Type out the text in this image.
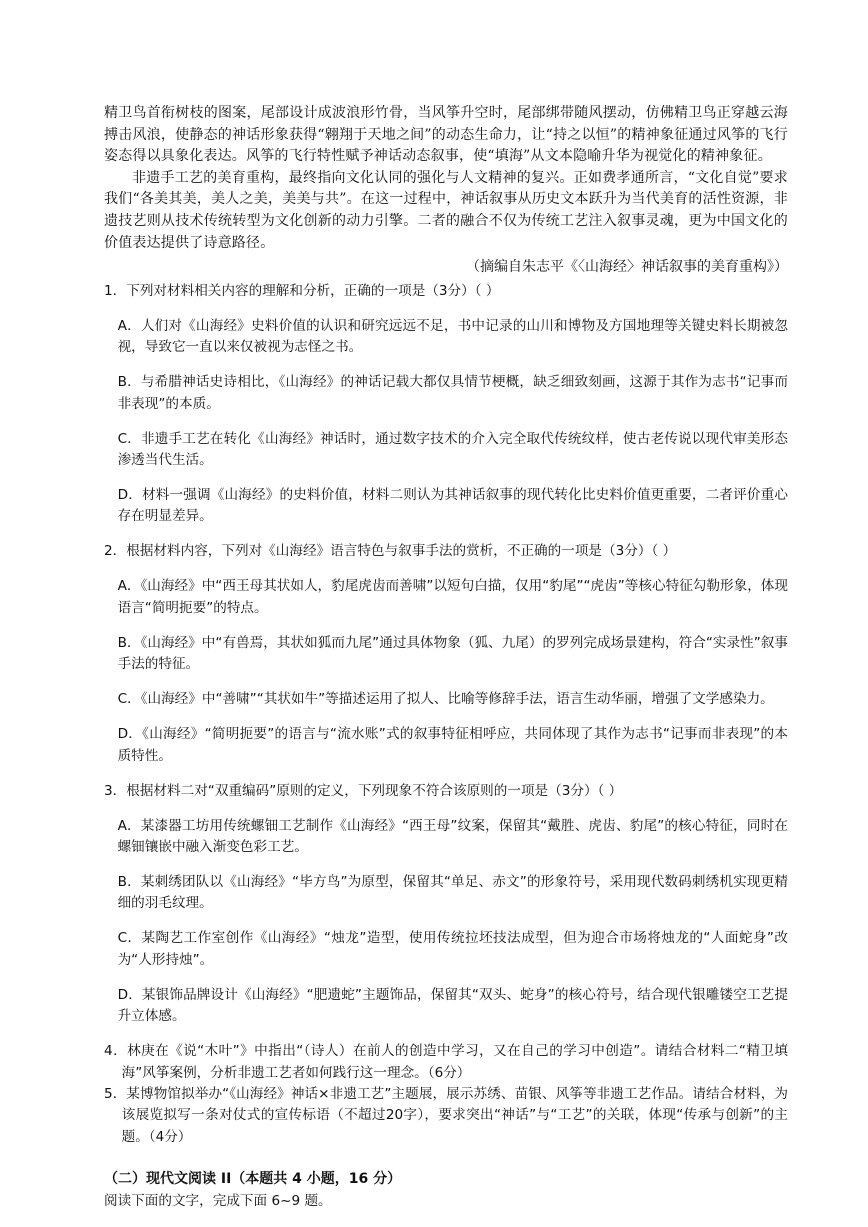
精卫鸟首衔树枝的图案，尾部设计成波浪形竹骨，当风筝升空时，尾部绑带随风摆动，仿佛精卫鸟正穿越云海搏击风浪，使静态的神话形象获得“翱翔于天地之间”的动态生命力，让“持之以恒”的精神象征通过风筝的飞行姿态得以具象化表达。风筝的飞行特性赋予神话动态叙事，使“填海”从文本隐喻升华为视觉化的精神象征。

非遗手工艺的美育重构，最终指向文化认同的强化与人文精神的复兴。正如费孝通所言，“文化自觉”要求我们“各美其美，美人之美，美美与共”。在这一过程中，神话叙事从历史文本跃升为当代美育的活性资源，非遗技艺则从技术传统转型为文化创新的动力引擎。二者的融合不仅为传统工艺注入叙事灵魂，更为中国文化的价值表达提供了诗意路径。

（摘编自朱志平《〈山海经〉神话叙事的美育重构》）

1．下列对材料相关内容的理解和分析，正确的一项是（3分）（ ）

A．人们对《山海经》史料价值的认识和研究远远不足，书中记录的山川和博物及方国地理等关键史料长期被忽视，导致它一直以来仅被视为志怪之书。

B．与希腊神话史诗相比，《山海经》的神话记载大都仅具情节梗概，缺乏细致刻画，这源于其作为志书“记事而非表现”的本质。

C．非遗手工艺在转化《山海经》神话时，通过数字技术的介入完全取代传统纹样，使古老传说以现代审美形态渗透当代生活。

D．材料一强调《山海经》的史料价值，材料二则认为其神话叙事的现代转化比史料价值更重要，二者评价重心存在明显差异。

2．根据材料内容，下列对《山海经》语言特色与叙事手法的赏析，不正确的一项是（3分）（ ）

A．《山海经》中“西王母其状如人，豹尾虎齿而善啸”以短句白描，仅用“豹尾”“虎齿”等核心特征勾勒形象，体现语言“简明扼要”的特点。

B．《山海经》中“有兽焉，其状如狐而九尾”通过具体物象（狐、九尾）的罗列完成场景建构，符合“实录性”叙事手法的特征。

C．《山海经》中“善啸”“其状如牛”等描述运用了拟人、比喻等修辞手法，语言生动华丽，增强了文学感染力。

D．《山海经》“简明扼要”的语言与“流水账”式的叙事特征相呼应，共同体现了其作为志书“记事而非表现”的本质特性。

3．根据材料二对“双重编码”原则的定义，下列现象不符合该原则的一项是（3分）（ ）

A．某漆器工坊用传统螺钿工艺制作《山海经》“西王母”纹案，保留其“戴胜、虎齿、豹尾”的核心特征，同时在螺钿镶嵌中融入渐变色彩工艺。

B．某刺绣团队以《山海经》“毕方鸟”为原型，保留其“单足、赤文”的形象符号，采用现代数码刺绣机实现更精细的羽毛纹理。

C．某陶艺工作室创作《山海经》“烛龙”造型，使用传统拉坯技法成型，但为迎合市场将烛龙的“人面蛇身”改为“人形持烛”。

D．某银饰品牌设计《山海经》“肥遗蛇”主题饰品，保留其“双头、蛇身”的核心符号，结合现代银雕镂空工艺提升立体感。

4．林庚在《说“木叶”》中指出“（诗人）在前人的创造中学习，又在自己的学习中创造”。请结合材料二“精卫填海”风筝案例，分析非遗工艺者如何践行这一理念。（6分）

5．某博物馆拟举办“《山海经》神话×非遗工艺”主题展，展示苏绣、苗银、风筝等非遗工艺作品。请结合材料，为该展览拟写一条对仗式的宣传标语（不超过20字），要求突出“神话”与“工艺”的关联，体现“传承与创新”的主题。（4分）

（二）现代文阅读 II（本题共 4 小题，16 分）
阅读下面的文字，完成下面 6~9 题。
